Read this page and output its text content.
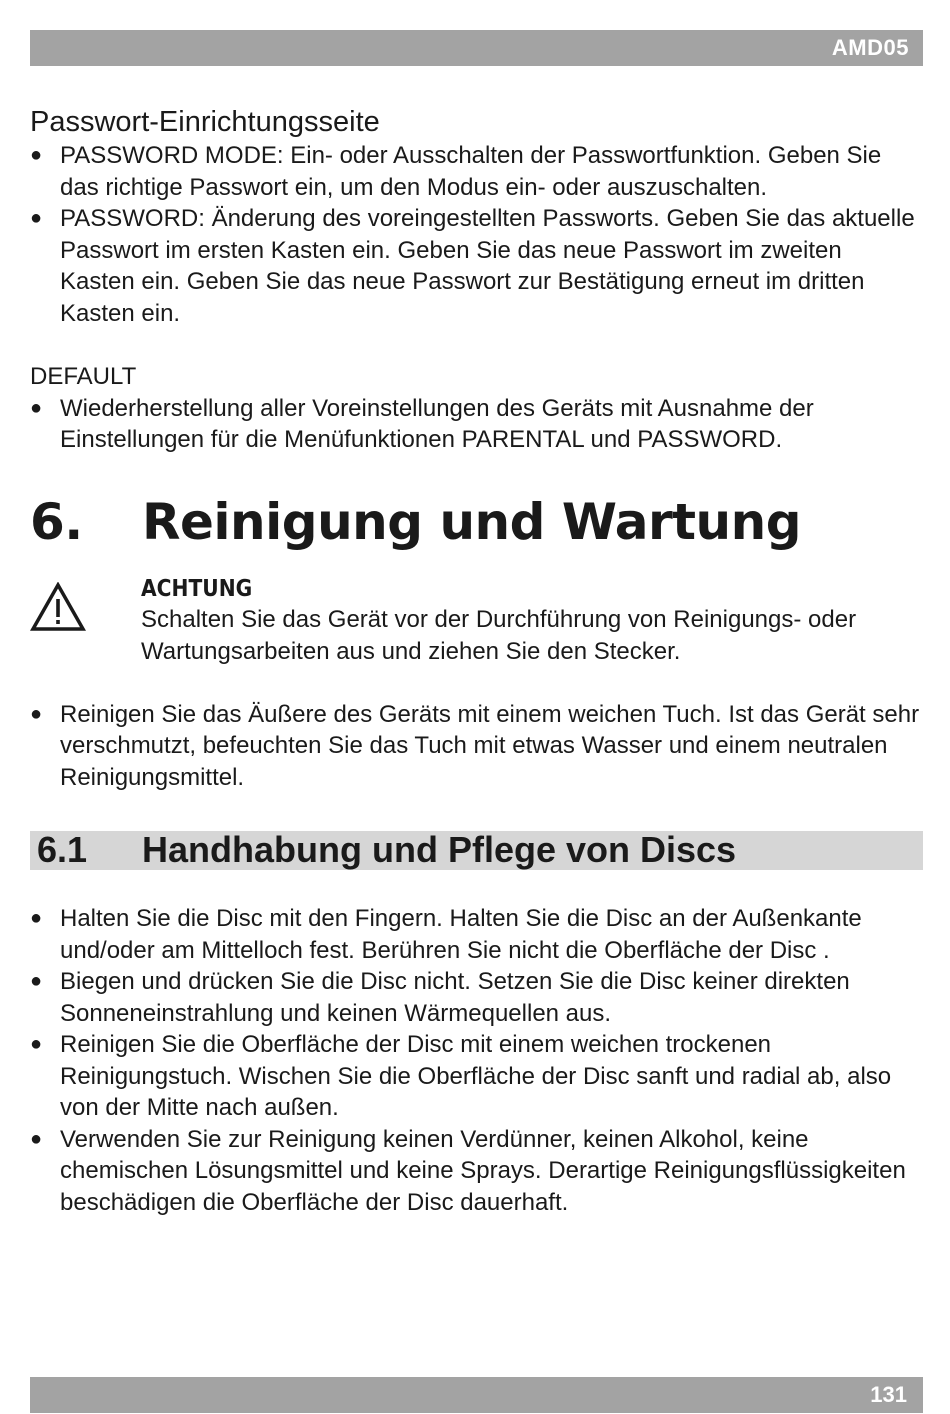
AMD05
Passwort-Einrichtungsseite
● PASSWORD MODE: Ein- oder Ausschalten der Passwortfunktion. Geben Sie das richtige Passwort ein, um den Modus ein- oder auszuschalten.
● PASSWORD: Änderung des voreingestellten Passworts. Geben Sie das aktuelle Passwort im ersten Kasten ein. Geben Sie das neue Passwort im zweiten Kasten ein. Geben Sie das neue Passwort zur Bestätigung erneut im dritten Kasten ein.

DEFAULT

● Wiederherstellung aller Voreinstellungen des Geräts mit Ausnahme der Einstellungen für die Menüfunktionen PARENTAL und PASSWORD.
6.	Reinigung und Wartung
ACHTUNG
Schalten Sie das Gerät vor der Durchführung von Reinigungs- oder Wartungsarbeiten aus und ziehen Sie den Stecker.
● Reinigen Sie das Äußere des Geräts mit einem weichen Tuch. Ist das Gerät sehr verschmutzt, befeuchten Sie das Tuch mit etwas Wasser und einem neutralen Reinigungsmittel.
6.1	Handhabung und Pflege von Discs
● Halten Sie die Disc mit den Fingern. Halten Sie die Disc an der Außenkante und/oder am Mittelloch fest. Berühren Sie nicht die Oberfläche der Disc .
● Biegen und drücken Sie die Disc nicht. Setzen Sie die Disc keiner direkten Sonneneinstrahlung und keinen Wärmequellen aus.
● Reinigen Sie die Oberfläche der Disc mit einem weichen trockenen Reinigungstuch. Wischen Sie die Oberfläche der Disc sanft und radial ab, also von der Mitte nach außen.
● Verwenden Sie zur Reinigung keinen Verdünner, keinen Alkohol, keine chemischen Lösungsmittel und keine Sprays. Derartige Reinigungsflüssigkeiten beschädigen die Oberfläche der Disc dauerhaft.
131
